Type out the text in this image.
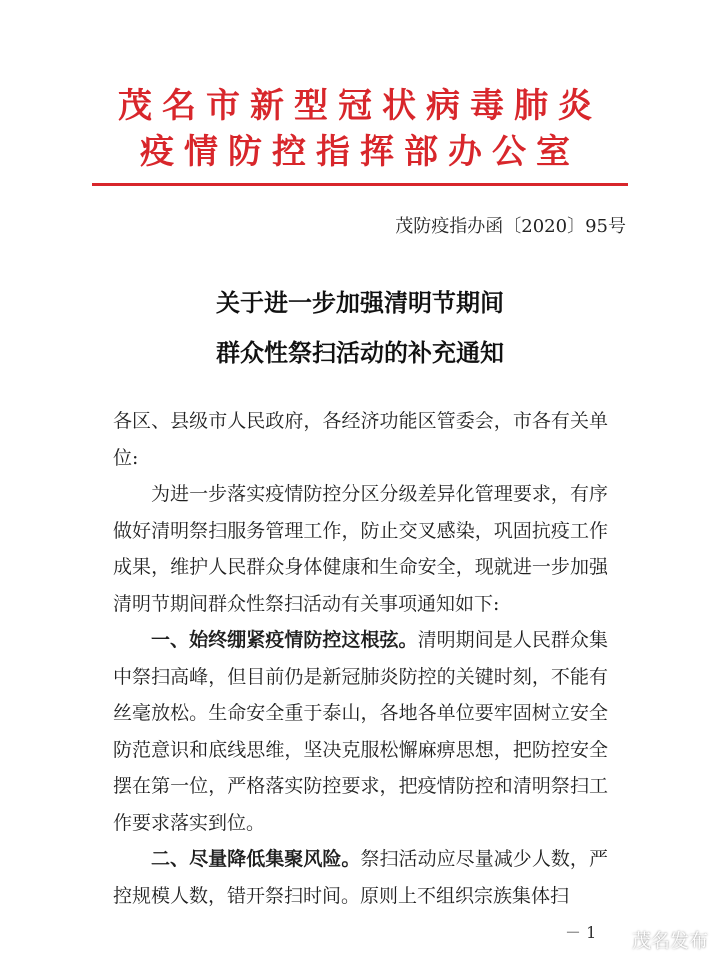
茂名市新型冠状病毒肺炎
疫情防控指挥部办公室
茂防疫指办函〔2020〕95号
关于进一步加强清明节期间
群众性祭扫活动的补充通知

各区、县级市人民政府，各经济功能区管委会，市各有关单位:

为进一步落实疫情防控分区分级差异化管理要求，有序做好清明祭扫服务管理工作，防止交叉感染，巩固抗疫工作成果，维护人民群众身体健康和生命安全，现就进一步加强清明节期间群众性祭扫活动有关事项通知如下:

一、始终绷紧疫情防控这根弦。清明期间是人民群众集中祭扫高峰，但目前仍是新冠肺炎防控的关键时刻，不能有丝毫放松。生命安全重于泰山，各地各单位要牢固树立安全防范意识和底线思维，坚决克服松懈麻痹思想，把防控安全摆在第一位，严格落实防控要求，把疫情防控和清明祭扫工作要求落实到位。

二、尽量降低集聚风险。祭扫活动应尽量减少人数，严控规模人数，错开祭扫时间。原则上不组织宗族集体扫

－ 1 茂名发布
